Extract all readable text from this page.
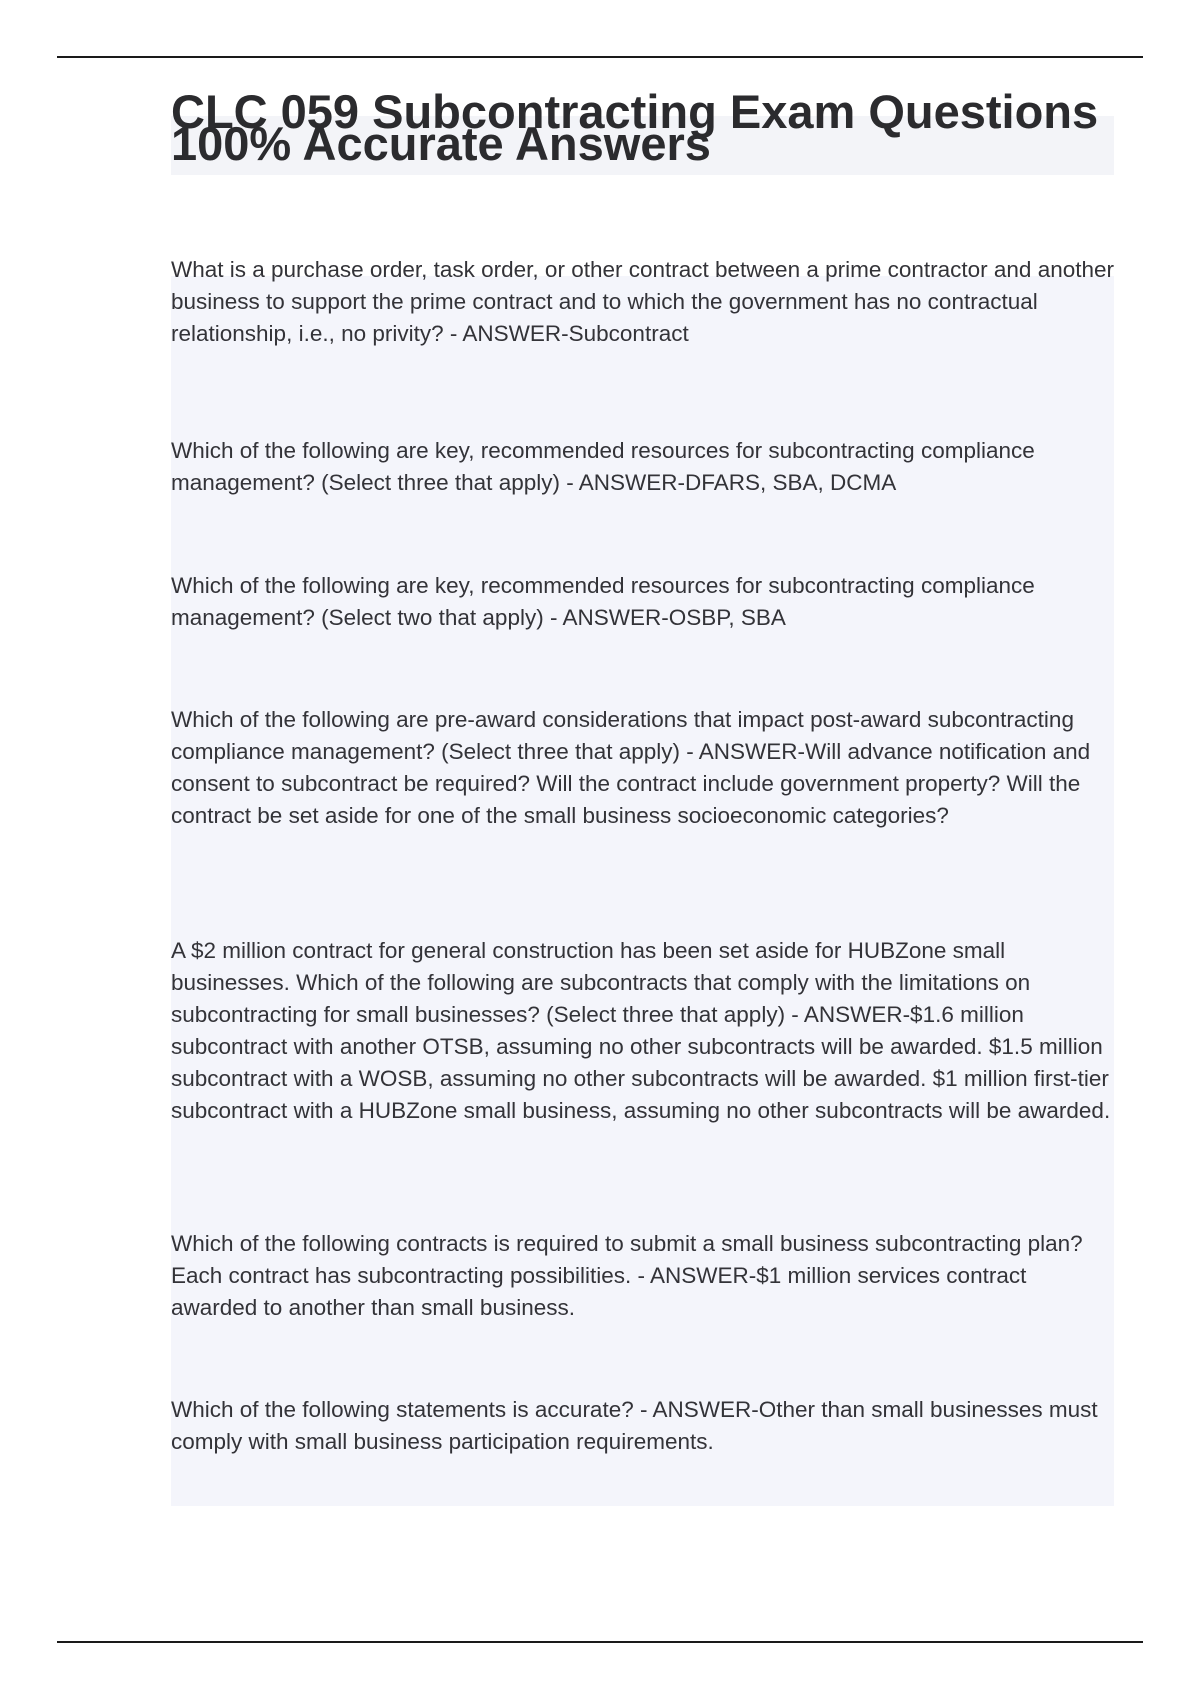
CLC 059 Subcontracting Exam Questions 100% Accurate Answers

What is a purchase order, task order, or other contract between a prime contractor and another business to support the prime contract and to which the government has no contractual relationship, i.e., no privity? - ANSWER-Subcontract

Which of the following are key, recommended resources for subcontracting compliance management? (Select three that apply) - ANSWER-DFARS, SBA, DCMA

Which of the following are key, recommended resources for subcontracting compliance management? (Select two that apply) - ANSWER-OSBP, SBA

Which of the following are pre-award considerations that impact post-award subcontracting compliance management? (Select three that apply) - ANSWER-Will advance notification and consent to subcontract be required? Will the contract include government property? Will the contract be set aside for one of the small business socioeconomic categories?

A $2 million contract for general construction has been set aside for HUBZone small businesses. Which of the following are subcontracts that comply with the limitations on subcontracting for small businesses? (Select three that apply) - ANSWER-$1.6 million subcontract with another OTSB, assuming no other subcontracts will be awarded. $1.5 million subcontract with a WOSB, assuming no other subcontracts will be awarded. $1 million first-tier subcontract with a HUBZone small business, assuming no other subcontracts will be awarded.

Which of the following contracts is required to submit a small business subcontracting plan? Each contract has subcontracting possibilities. - ANSWER-$1 million services contract awarded to another than small business.

Which of the following statements is accurate? - ANSWER-Other than small businesses must comply with small business participation requirements.
